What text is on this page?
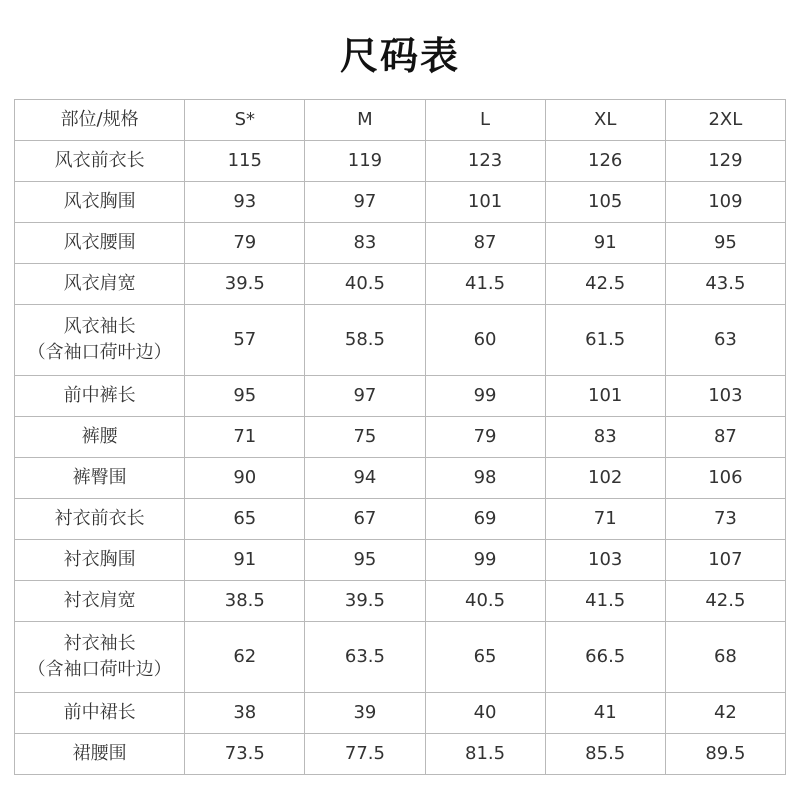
尺码表
部位/规格	S*	M	L	XL	2XL

风衣前衣长	115	119	123	126	129

风衣胸围	93	97	101	105	109

风衣腰围	79	83	87	91	95

风衣肩宽	39.5	40.5	41.5	42.5	43.5

风衣袖长
（含袖口荷叶边）	57	58.5	60	61.5	63

前中裤长	95	97	99	101	103

裤腰	71	75	79	83	87

裤臀围	90	94	98	102	106

衬衣前衣长	65	67	69	71	73

衬衣胸围	91	95	99	103	107

衬衣肩宽	38.5	39.5	40.5	41.5	42.5

衬衣袖长
（含袖口荷叶边）	62	63.5	65	66.5	68

前中裙长	38	39	40	41	42

裙腰围	73.5	77.5	81.5	85.5	89.5
